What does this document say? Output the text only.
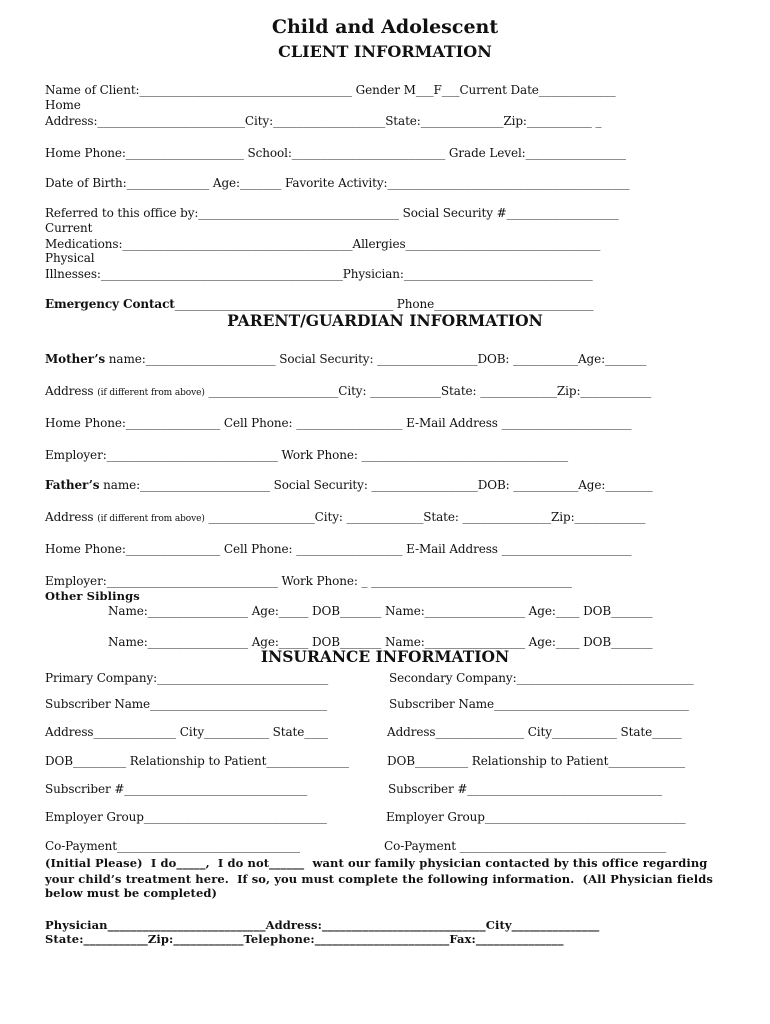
Child and Adolescent
CLIENT INFORMATION
Name of Client:____________________________________ Gender M___F___Current Date_____________
Home
Address:_________________________City:___________________State:______________Zip:___________ _
Home Phone:____________________ School:__________________________ Grade Level:_________________
Date of Birth:______________ Age:_______ Favorite Activity:_________________________________________
Referred to this office by:__________________________________ Social Security #___________________
Current
Medications:_______________________________________Allergies_________________________________
Physical
Illnesses:_________________________________________Physician:________________________________
Emergency Contact_____________________________________ Phone___________________________
PARENT/GUARDIAN INFORMATION
Mother’s name:______________________ Social Security: _________________DOB: ___________Age:_______
Address (if different from above) ______________________City: ____________State: _____________Zip:____________
Home Phone:________________ Cell Phone: __________________ E-Mail Address ______________________
Employer:_____________________________ Work Phone: ___________________________________
Father’s name:______________________ Social Security: __________________DOB: ___________Age:________
Address (if different from above) __________________City: _____________State: _______________Zip:____________
Home Phone:________________ Cell Phone: __________________ E-Mail Address ______________________
Employer:_____________________________ Work Phone: _ __________________________________
Other Siblings
Name:_________________ Age:_____ DOB_______ Name:_________________ Age:____ DOB_______
Name:_________________ Age:_____ DOB_______ Name:_________________ Age:____ DOB_______
INSURANCE INFORMATION
Primary Company:_____________________________
Subscriber Name______________________________
Address______________ City___________ State____
DOB_________ Relationship to Patient______________
Subscriber #_______________________________
Employer Group_______________________________
Co-Payment_______________________________
Secondary Company:______________________________
Subscriber Name_________________________________
Address_______________ City___________ State_____
DOB_________ Relationship to Patient_____________
Subscriber #_________________________________
Employer Group__________________________________
Co-Payment ___________________________________
(Initial Please)  I do_____,  I do not______  want our family physician contacted by this office regarding
your child’s treatment here.  If so, you must complete the following information.  (All Physician fields
below must be completed)
Physician___________________________Address:____________________________City_______________
State:___________Zip:____________Telephone:_______________________Fax:_______________
